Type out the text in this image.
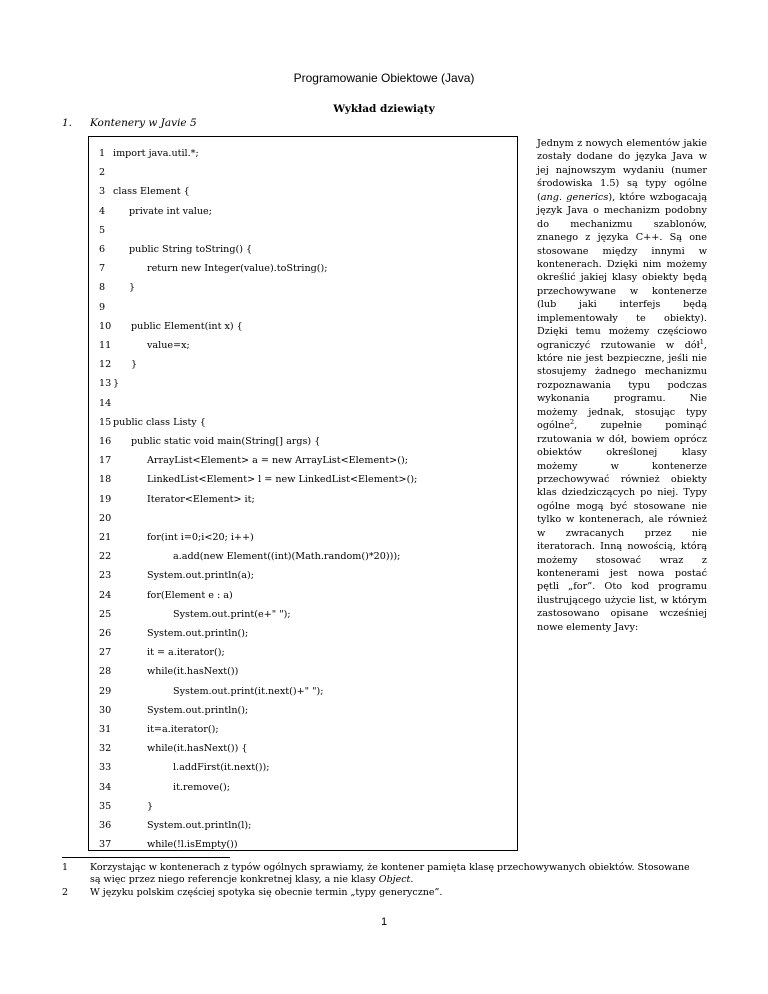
Programowanie Obiektowe (Java)
Wykład dziewiąty
1. Kontenery w Javie 5
1 import java.util.*;
2
3 class Element {
4 private int value;
5
6 public String toString() {
7	return new Integer(value).toString();
8 }
9
10 public Element(int x) {
11	value=x;
12 }
13 }
14
15 public class Listy {
16 public static void main(String[] args) {
17	ArrayList<Element> a = new ArrayList<Element>();
18	LinkedList<Element> l = new LinkedList<Element>();
19	Iterator<Element> it;
20
21	for(int i=0;i<20; i++)
22	a.add(new Element((int)(Math.random()*20)));
23	System.out.println(a);
24	for(Element e : a)
25	System.out.print(e+" ");
26	System.out.println();
27	it = a.iterator();
28	while(it.hasNext())
29	System.out.print(it.next()+" ");
30	System.out.println();
31	it=a.iterator();
32	while(it.hasNext()) {
33	l.addFirst(it.next());
34	it.remove();
35	}
36	System.out.println(l);
37	while(!l.isEmpty())
Jednym z nowych elementów jakie zostały dodane do języka Java w jej najnowszym wydaniu (numer środowiska 1.5) są typy ogólne (ang. generics), które wzbogacają język Java o mechanizm podobny do mechanizmu szablonów, znanego z języka C++. Są one stosowane między innymi w kontenerach. Dzięki nim możemy określić jakiej klasy obiekty będą przechowywane w kontenerze (lub jaki interfejs będą implementowały te obiekty). Dzięki temu możemy częściowo ograniczyć rzutowanie w dół$^1$, które nie jest bezpieczne, jeśli nie stosujemy żadnego mechanizmu rozpoznawania typu podczas wykonania programu. Nie możemy jednak, stosując typy ogólne$^2$, zupełnie pominąć rzutowania w dół, bowiem oprócz obiektów określonej klasy możemy w kontenerze przechowywać również obiekty klas dziedziczących po niej. Typy ogólne mogą być stosowane nie tylko w kontenerach, ale również w zwracanych przez nie iteratorach. Inną nowością, którą możemy stosować wraz z kontenerami jest nowa postać pętli „for”. Oto kod programu ilustrującego użycie list, w którym zastosowano opisane wcześniej nowe elementy Javy:
1 Korzystając w kontenerach z typów ogólnych sprawiamy, że kontener pamięta klasę przechowywanych obiektów. Stosowane są więc przez niego referencje konkretnej klasy, a nie klasy Object.
2 W języku polskim częściej spotyka się obecnie termin „typy generyczne”.
1
